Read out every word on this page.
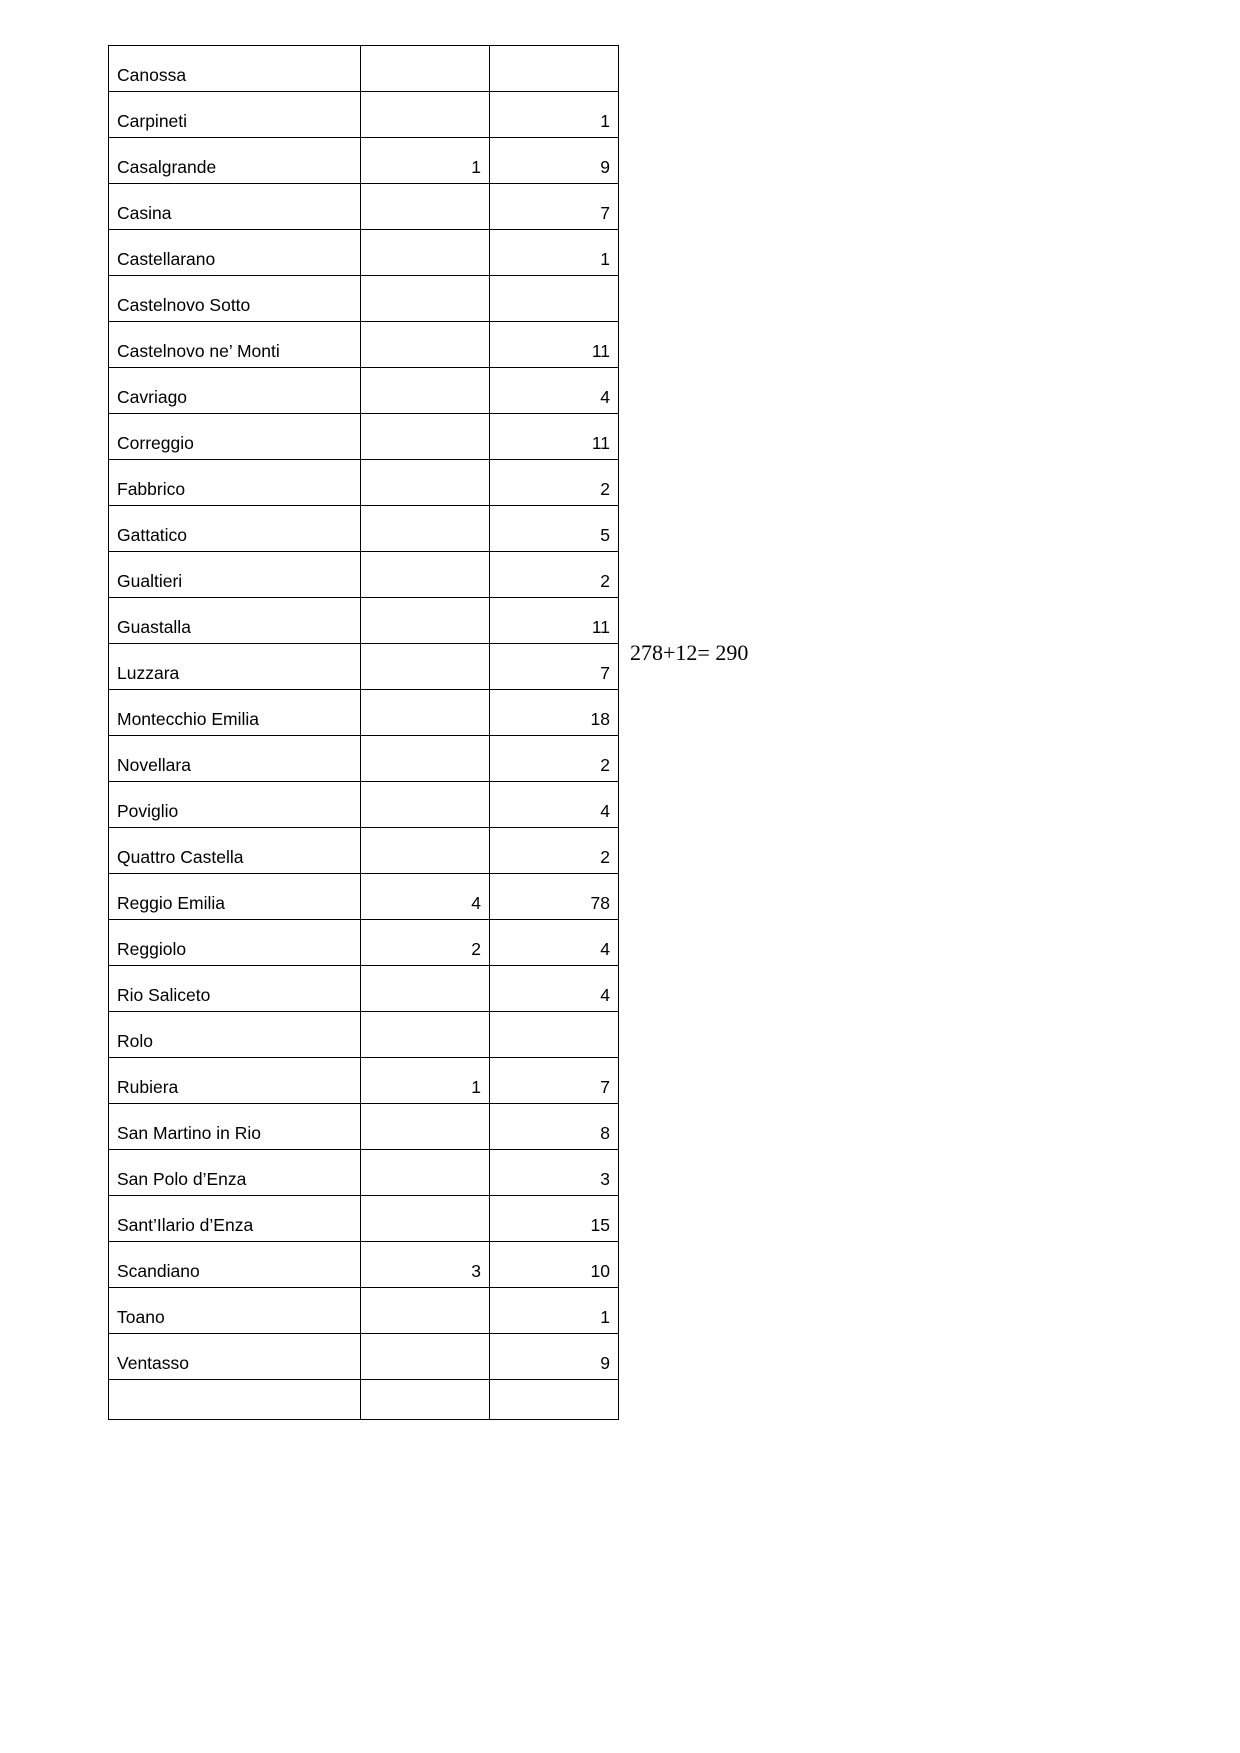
Canossa		
Carpineti		1
Casalgrande	1	9
Casina		7
Castellarano		1
Castelnovo Sotto		
Castelnovo ne’ Monti		11
Cavriago		4
Correggio		11
Fabbrico		2
Gattatico		5
Gualtieri		2
Guastalla		11
Luzzara		7
Montecchio Emilia		18
Novellara		2
Poviglio		4
Quattro Castella		2
Reggio Emilia	4	78
Reggiolo	2	4
Rio Saliceto		4
Rolo		
Rubiera	1	7
San Martino in Rio		8
San Polo d’Enza		3
Sant’Ilario d’Enza		15
Scandiano	3	10
Toano		1
Ventasso		9

278+12= 290
